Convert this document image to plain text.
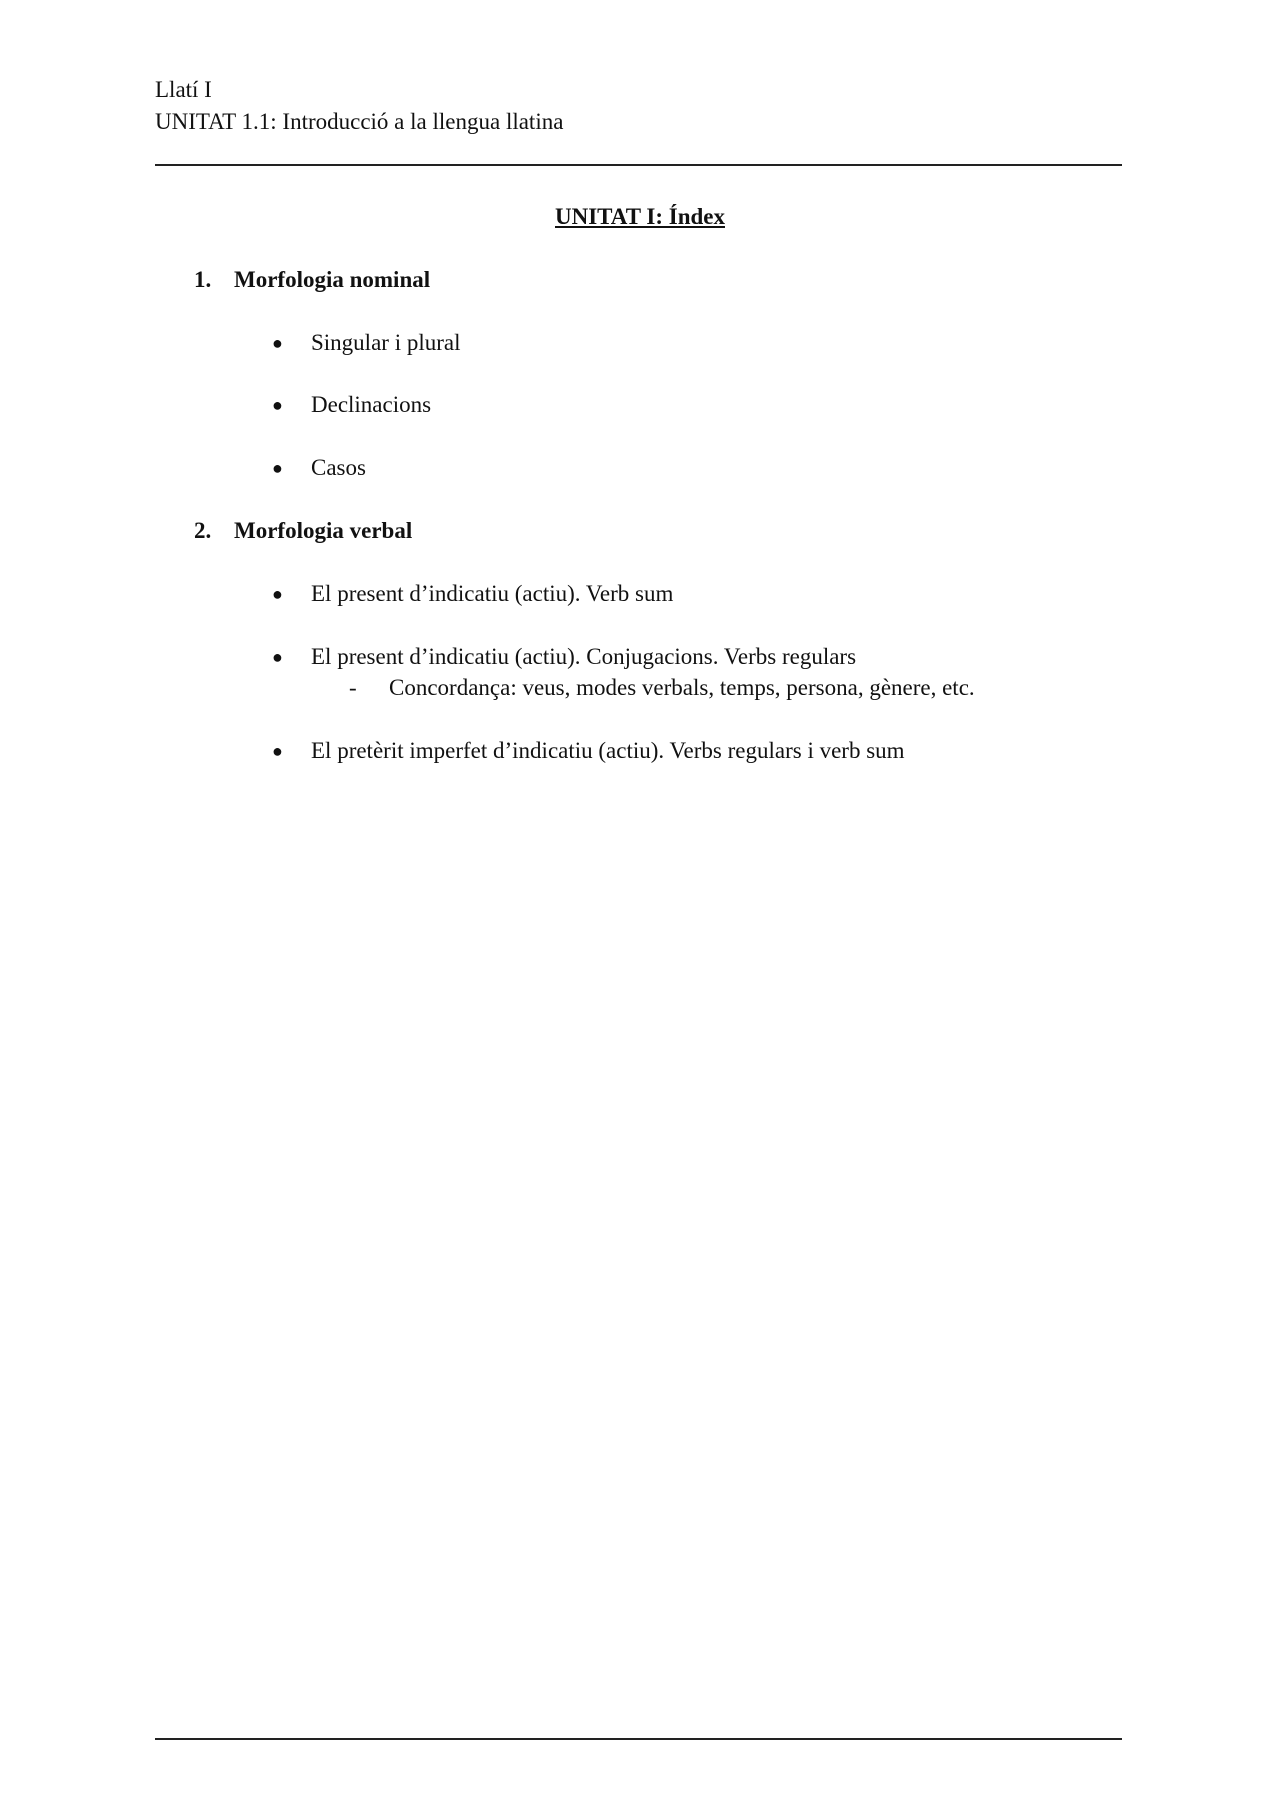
Llatí I
UNITAT 1.1: Introducció a la llengua llatina
UNITAT I: Índex
1. Morfologia nominal
● Singular i plural
● Declinacions
● Casos
2. Morfologia verbal
● El present d’indicatiu (actiu). Verb sum
● El present d’indicatiu (actiu). Conjugacions. Verbs regulars
- Concordança: veus, modes verbals, temps, persona, gènere, etc.
● El pretèrit imperfet d’indicatiu (actiu). Verbs regulars i verb sum
